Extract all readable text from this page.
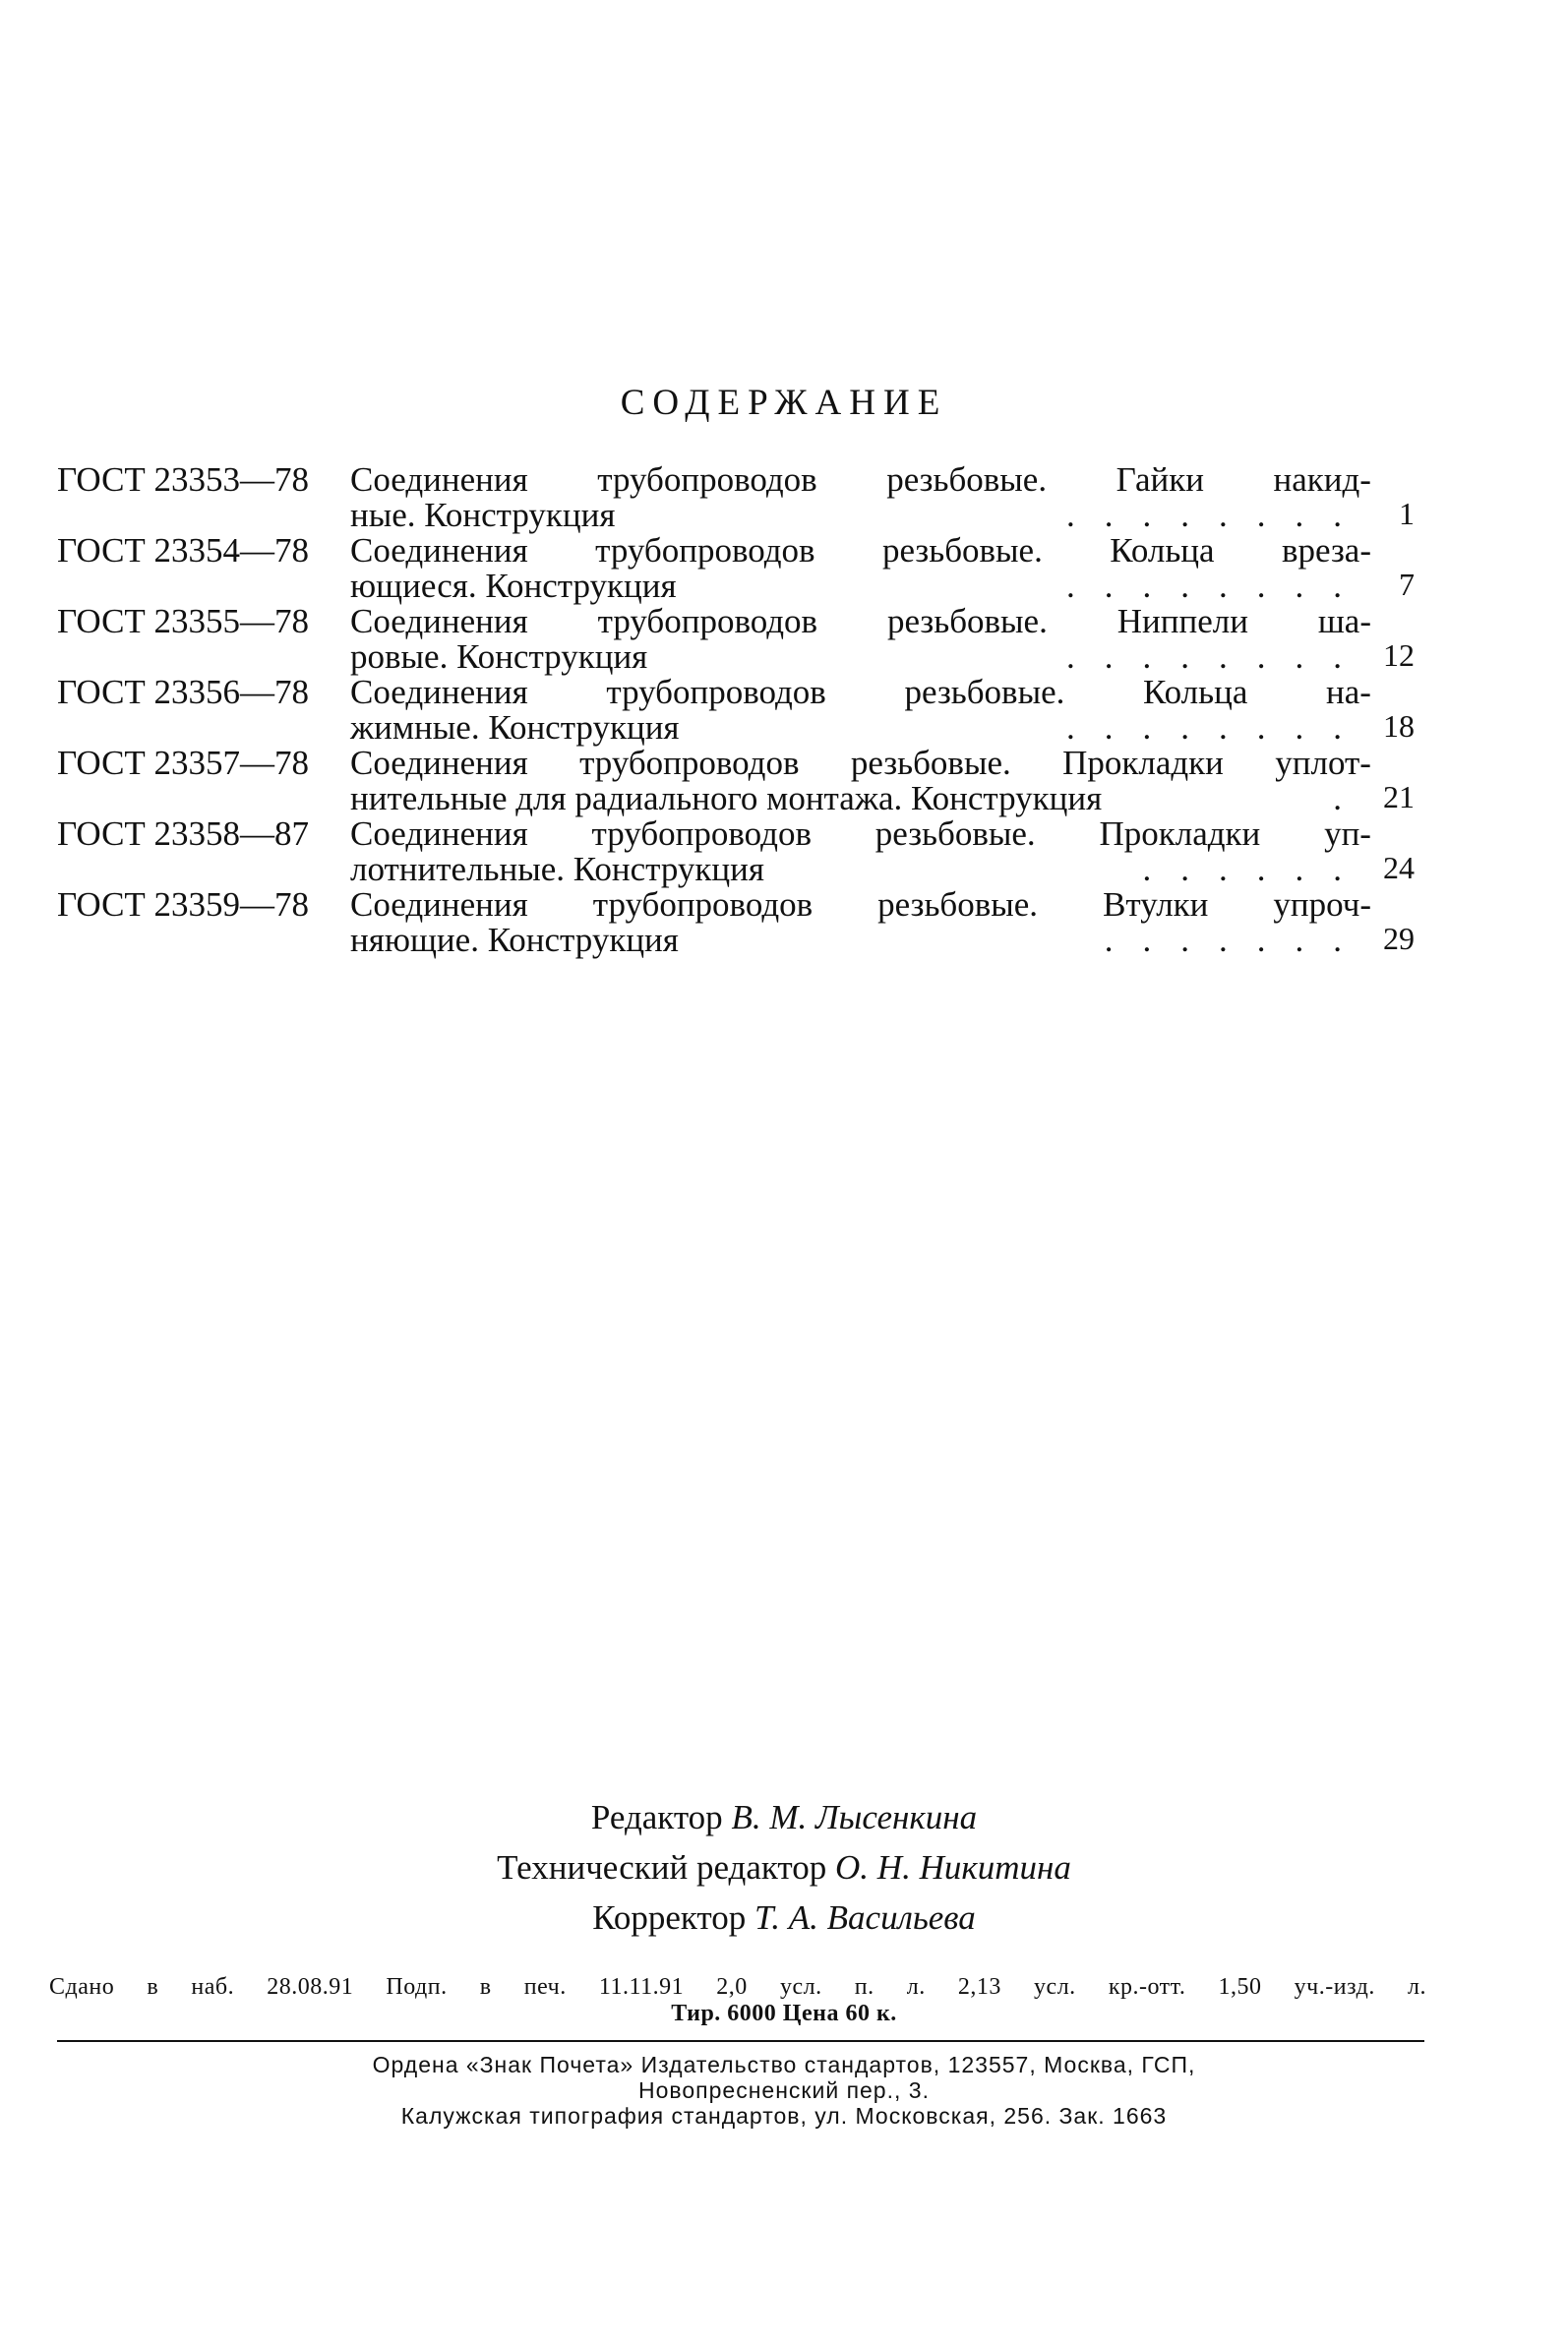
СОДЕРЖАНИЕ
ГОСТ 23353—78 Соединения трубопроводов резьбовые. Гайки накид-
ные. Конструкция	........ 1
ГОСТ 23354—78 Соединения трубопроводов резьбовые. Кольца вреза-
ющиеся. Конструкция	........ 7
ГОСТ 23355—78 Соединения трубопроводов резьбовые. Ниппели ша-
ровые. Конструкция	........ 12
ГОСТ 23356—78 Соединения трубопроводов резьбовые. Кольца на-
жимные. Конструкция	........ 18
ГОСТ 23357—78 Соединения трубопроводов резьбовые. Прокладки уплот-
нительные для радиального монтажа. Конструкция	. 21
ГОСТ 23358—87 Соединения трубопроводов резьбовые. Прокладки уп-
лотнительные. Конструкция	...... 24
ГОСТ 23359—78 Соединения трубопроводов резьбовые. Втулки упроч-
няющие. Конструкция	....... 29
Редактор В. М. Лысенкина
Технический редактор О. Н. Никитина
Корректор Т. А. Васильева
Сдано в наб. 28.08.91 Подп. в печ. 11.11.91 2,0 усл. п. л. 2,13 усл. кр.-отт. 1,50 уч.-изд. л.
Тир. 6000 Цена 60 к.
Ордена «Знак Почета» Издательство стандартов, 123557, Москва, ГСП,
Новопресненский пер., 3.
Калужская типография стандартов, ул. Московская, 256. Зак. 1663
